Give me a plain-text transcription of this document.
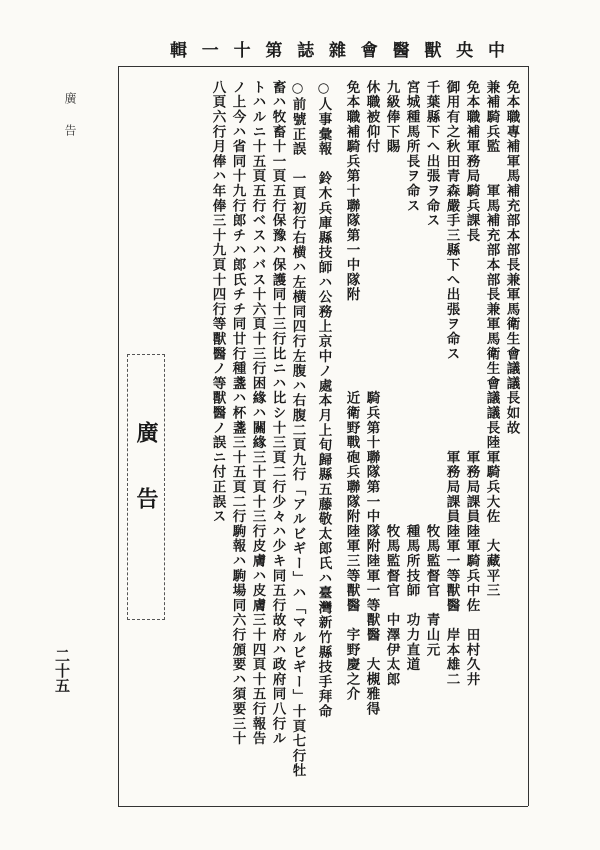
輯 一 十 第 誌 雜 會 醫 獸 央 中
廣告
二十五
免本職專補軍馬補充部本部長兼軍馬衛生會議議長如故
兼補騎兵監　　軍馬補充部本部長兼軍馬衛生會議議長陸軍騎兵大佐　大藏平三
免本職補軍務局騎兵課長　　　　　　　　　　　　　　軍務局課員陸軍騎兵中佐　田村久井
御用有之秋田青森嚴手三縣下へ出張ヲ命ス　　　　　　軍務局課員陸軍一等獸醫　岸本雄二
千葉縣下へ出張ヲ命ス　　　　　　　　　　　　　　　　　　　　牧馬監督官　青山元
宮城種馬所長ヲ命ス　　　　　　　　　　　　　　　　　　　　　種馬所技師　功力直道
九級俸下賜　　　　　　　　　　　　　　　　　　　　　　　　　牧馬監督官　中澤伊太郎
休職被仰付　　　　　　　　　　　　　　　　騎兵第十聯隊第一中隊附陸軍一等獸醫　大槻雅得
免本職補騎兵第十聯隊第一中隊附　　　　　　近衛野戰砲兵聯隊附陸軍三等獸醫　宇野慶之介
○人事彙報　鈴木兵庫縣技師ハ公務上京中ノ處本月上旬歸縣五藤敬太郎氏ハ臺灣新竹縣技手拜命
○前號正誤　一頁初行右横ハ左横同四行左腹ハ右腹二頁九行「アルビギー」ハ「マルビギー」十頁七行牡
畜ハ牧畜十一頁五行保豫ハ保護同十三行比ニハ比シ十三頁二行少々ハ少キ同五行故府ハ政府同八行ル
トハルニ十五頁五行ベスハバス十六頁十三行困緣ハ關緣三十頁十三行皮膚ハ皮膚三十四頁十五行報告
ノ上今ハ省同十九行郎チハ郎氏チチ同廿行種盞ハ杯盞三十五頁二行駒報ハ駒場同六行頒要ハ須要三十
八頁六行月俸ハ年俸三十九頁十四行等獸醫ノ等獸醫ノ誤ニ付正誤ス
廣告
